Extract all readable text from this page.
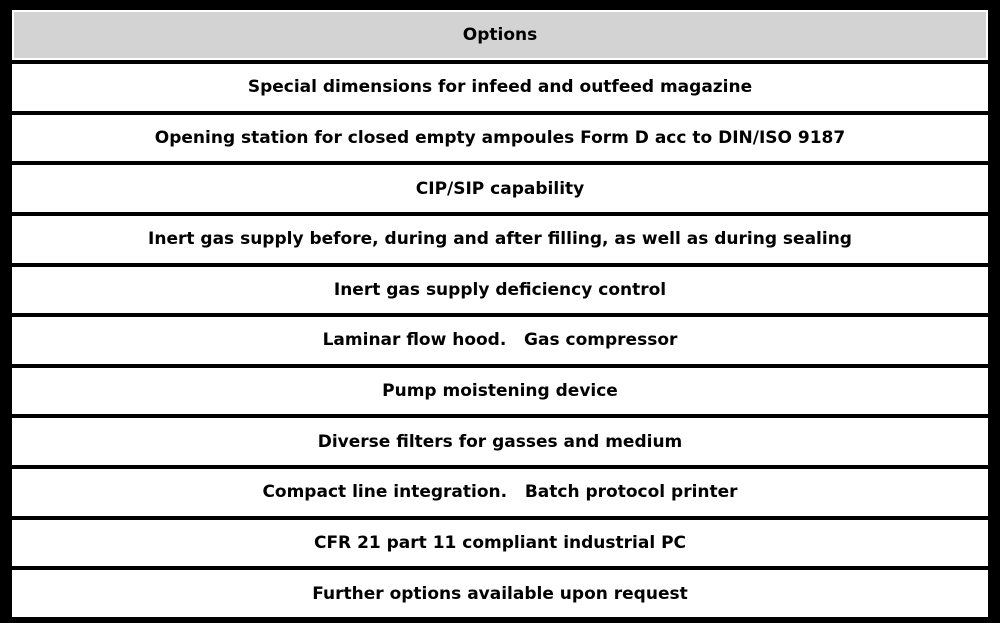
Options
Special dimensions for infeed and outfeed magazine
Opening station for closed empty ampoules Form D acc to DIN/ISO 9187
CIP/SIP capability
Inert gas supply before, during and after filling, as well as during sealing
Inert gas supply deficiency control
Laminar flow hood.   Gas compressor
Pump moistening device
Diverse filters for gasses and medium
Compact line integration.   Batch protocol printer
CFR 21 part 11 compliant industrial PC
Further options available upon request
